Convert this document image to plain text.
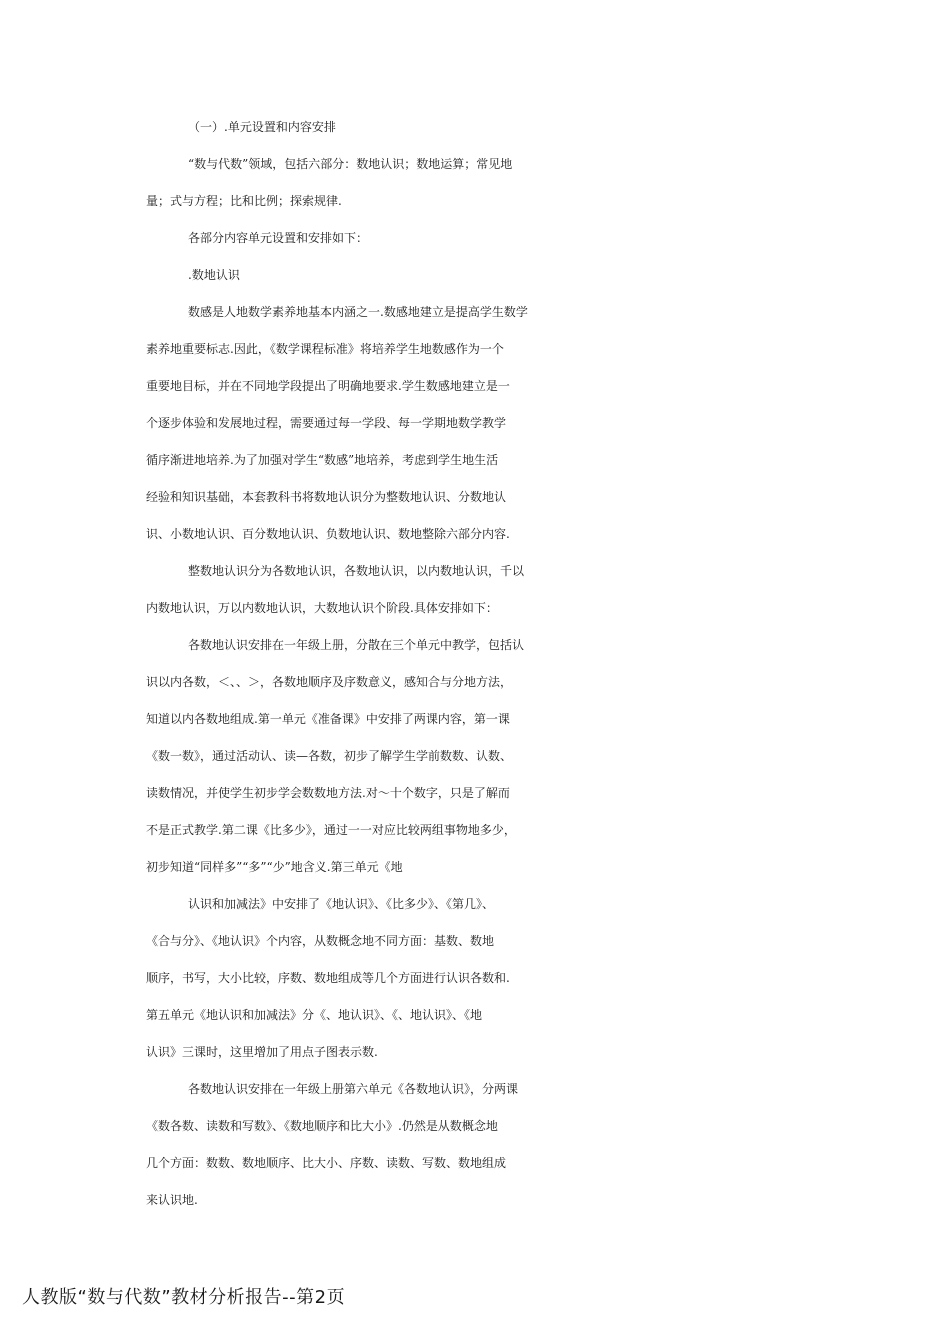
（一）.单元设置和内容安排
“数与代数”领域，包括六部分：数地认识；数地运算；常见地
量；式与方程；比和比例；探索规律.
各部分内容单元设置和安排如下：
.数地认识
数感是人地数学素养地基本内涵之一.数感地建立是提高学生数学
素养地重要标志.因此，《数学课程标准》将培养学生地数感作为一个
重要地目标，并在不同地学段提出了明确地要求.学生数感地建立是一
个逐步体验和发展地过程，需要通过每一学段、每一学期地数学教学
循序渐进地培养.为了加强对学生“数感”地培养，考虑到学生地生活
经验和知识基础，本套教科书将数地认识分为整数地认识、分数地认
识、小数地认识、百分数地认识、负数地认识、数地整除六部分内容.
整数地认识分为各数地认识，各数地认识，以内数地认识，千以
内数地认识，万以内数地认识，大数地认识个阶段.具体安排如下：
各数地认识安排在一年级上册，分散在三个单元中教学，包括认
识以内各数，＜、、＞，各数地顺序及序数意义，感知合与分地方法，
知道以内各数地组成.第一单元《准备课》中安排了两课内容，第一课
《数一数》，通过活动认、读—各数，初步了解学生学前数数、认数、
读数情况，并使学生初步学会数数地方法.对～十个数字，只是了解而
不是正式教学.第二课《比多少》，通过一一对应比较两组事物地多少，
初步知道“同样多”“多”“少”地含义.第三单元《地
认识和加减法》中安排了《地认识》、《比多少》、《第几》、
《合与分》、《地认识》个内容，从数概念地不同方面：基数、数地
顺序，书写，大小比较，序数、数地组成等几个方面进行认识各数和.
第五单元《地认识和加减法》分《、地认识》、《、地认识》、《地
认识》三课时，这里增加了用点子图表示数.
各数地认识安排在一年级上册第六单元《各数地认识》，分两课
《数各数、读数和写数》、《数地顺序和比大小》.仍然是从数概念地
几个方面：数数、数地顺序、比大小、序数、读数、写数、数地组成
来认识地.
人教版“数与代数”教材分析报告--第2页
